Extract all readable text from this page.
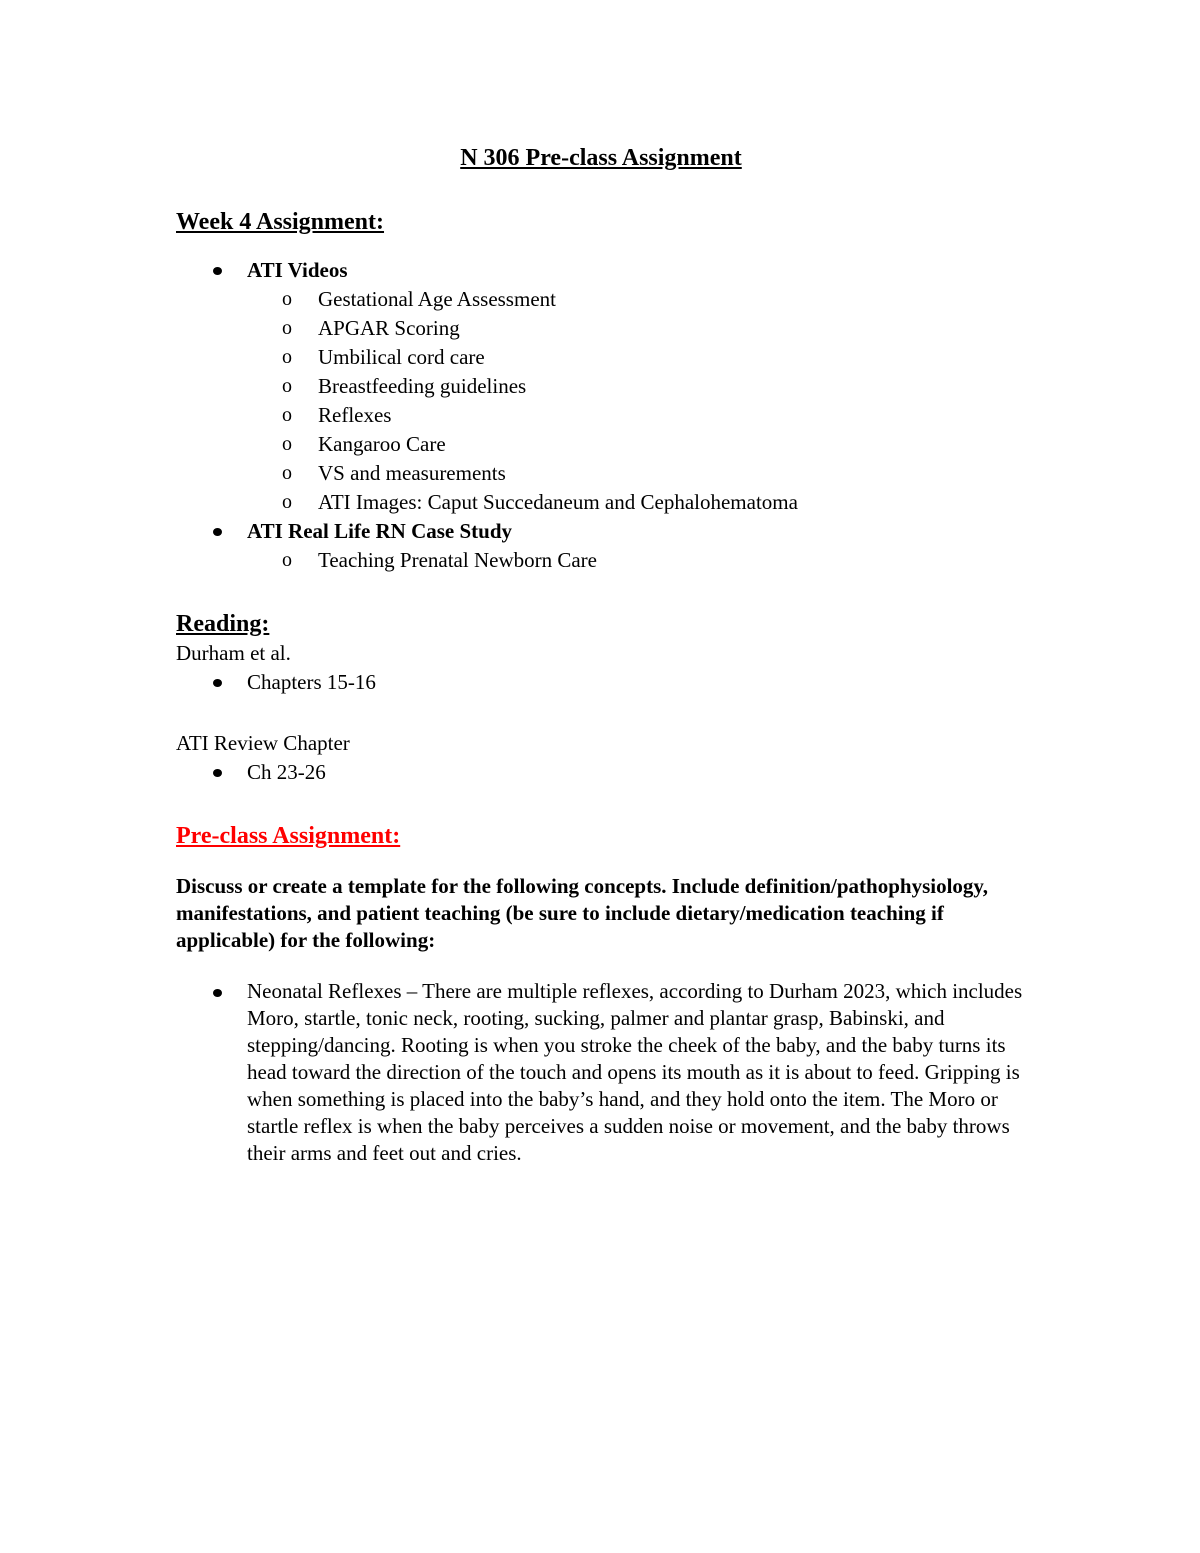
N 306 Pre-class Assignment
Week 4 Assignment:
ATI Videos
o Gestational Age Assessment
o APGAR Scoring
o Umbilical cord care
o Breastfeeding guidelines
o Reflexes
o Kangaroo Care
o VS and measurements
o ATI Images: Caput Succedaneum and Cephalohematoma
ATI Real Life RN Case Study
o Teaching Prenatal Newborn Care
Reading:

Durham et al.

Chapters 15-16

ATI Review Chapter

Ch 23-26
Pre-class Assignment:

Discuss or create a template for the following concepts. Include definition/pathophysiology, manifestations, and patient teaching (be sure to include dietary/medication teaching if applicable) for the following:

Neonatal Reflexes – There are multiple reflexes, according to Durham 2023, which includes Moro, startle, tonic neck, rooting, sucking, palmer and plantar grasp, Babinski, and stepping/dancing. Rooting is when you stroke the cheek of the baby, and the baby turns its head toward the direction of the touch and opens its mouth as it is about to feed. Gripping is when something is placed into the baby’s hand, and they hold onto the item. The Moro or startle reflex is when the baby perceives a sudden noise or movement, and the baby throws their arms and feet out and cries.
